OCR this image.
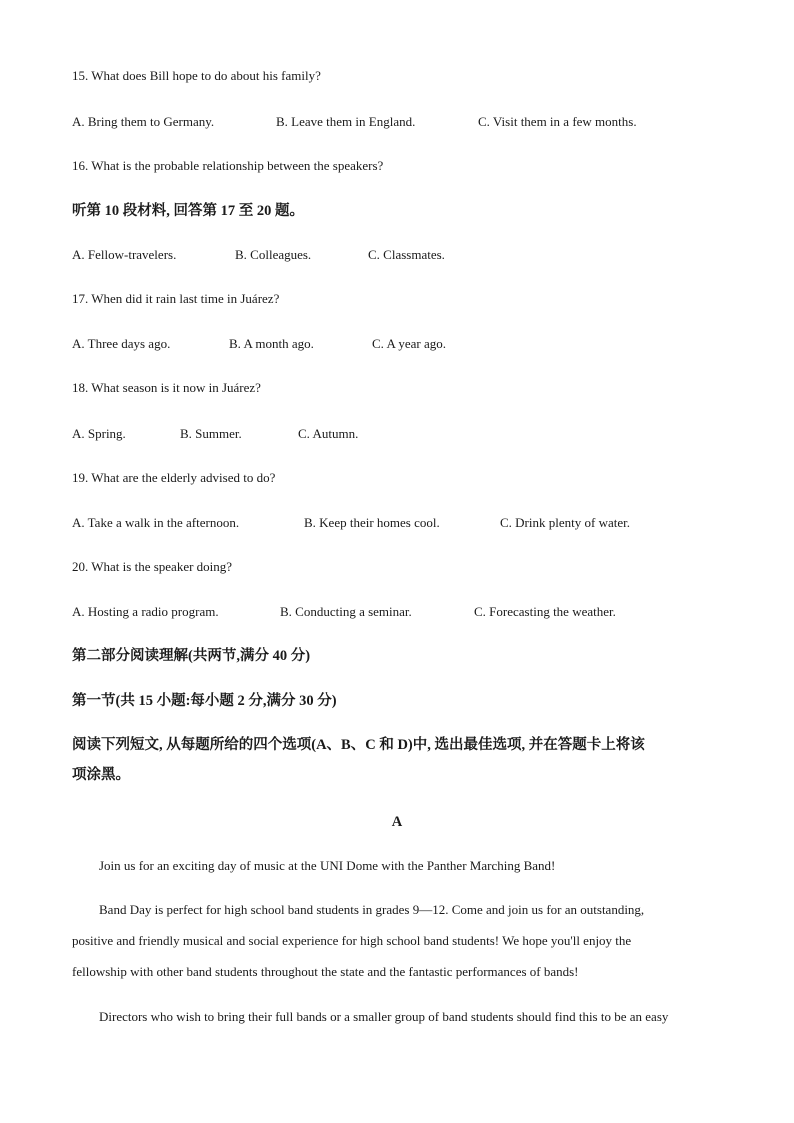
15. What does Bill hope to do about his family?
A. Bring them to Germany.	B. Leave them in England.	C. Visit them in a few months.
16. What is the probable relationship between the speakers?
听第 10 段材料, 回答第 17 至 20 题。
A. Fellow-travelers.	B. Colleagues.	C. Classmates.
17. When did it rain last time in Juárez?
A. Three days ago.	B. A month ago.	C. A year ago.
18. What season is it now in Juárez?
A. Spring.	B. Summer.	C. Autumn.
19. What are the elderly advised to do?
A. Take a walk in the afternoon.	B. Keep their homes cool.	C. Drink plenty of water.
20. What is the speaker doing?
A. Hosting a radio program.	B. Conducting a seminar.	C. Forecasting the weather.
第二部分阅读理解(共两节,满分 40 分)
第一节(共 15 小题:每小题 2 分,满分 30 分)
阅读下列短文, 从每题所给的四个选项(A、B、C 和 D)中, 选出最佳选项, 并在答题卡上将该
项涂黑。
A
Join us for an exciting day of music at the UNI Dome with the Panther Marching Band!
Band Day is perfect for high school band students in grades 9—12. Come and join us for an outstanding,
positive and friendly musical and social experience for high school band students! We hope you'll enjoy the
fellowship with other band students throughout the state and the fantastic performances of bands!
Directors who wish to bring their full bands or a smaller group of band students should find this to be an easy
